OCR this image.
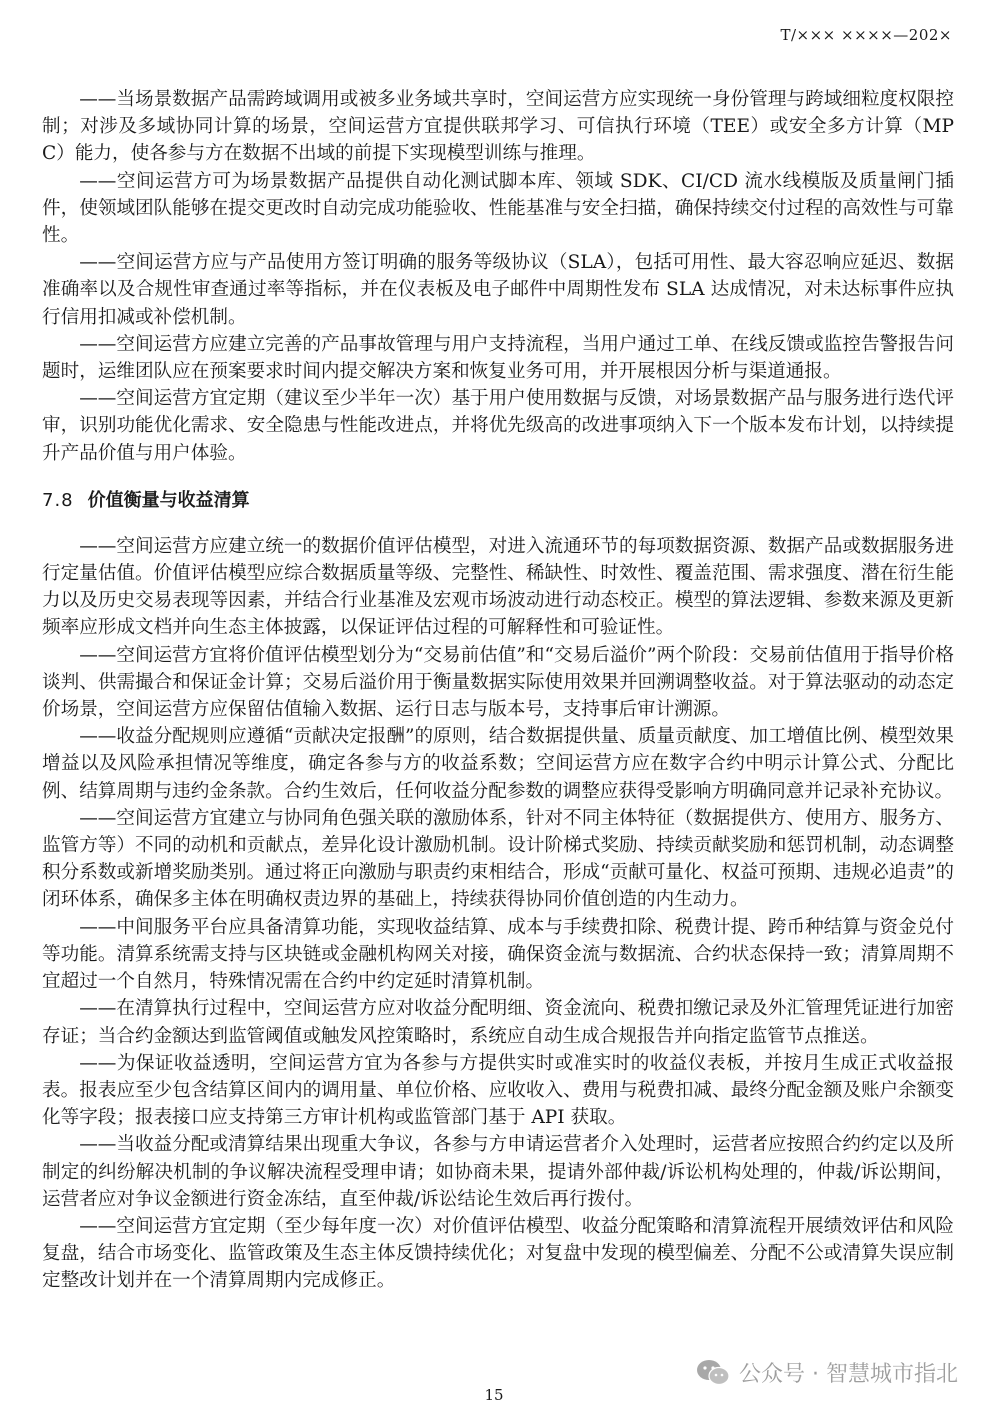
T/××× ××××—202×

——当场景数据产品需跨域调用或被多业务域共享时，空间运营方应实现统一身份管理与跨域细粒度权限控制；对涉及多域协同计算的场景，空间运营方宜提供联邦学习、可信执行环境（TEE）或安全多方计算（MPC）能力，使各参与方在数据不出域的前提下实现模型训练与推理。

——空间运营方可为场景数据产品提供自动化测试脚本库、领域 SDK、CI/CD 流水线模版及质量闸门插件，使领域团队能够在提交更改时自动完成功能验收、性能基准与安全扫描，确保持续交付过程的高效性与可靠性。

——空间运营方应与产品使用方签订明确的服务等级协议（SLA），包括可用性、最大容忍响应延迟、数据准确率以及合规性审查通过率等指标，并在仪表板及电子邮件中周期性发布 SLA 达成情况，对未达标事件应执行信用扣减或补偿机制。

——空间运营方应建立完善的产品事故管理与用户支持流程，当用户通过工单、在线反馈或监控告警报告问题时，运维团队应在预案要求时间内提交解决方案和恢复业务可用，并开展根因分析与渠道通报。

——空间运营方宜定期（建议至少半年一次）基于用户使用数据与反馈，对场景数据产品与服务进行迭代评审，识别功能优化需求、安全隐患与性能改进点，并将优先级高的改进事项纳入下一个版本发布计划，以持续提升产品价值与用户体验。

7.8 价值衡量与收益清算

——空间运营方应建立统一的数据价值评估模型，对进入流通环节的每项数据资源、数据产品或数据服务进行定量估值。价值评估模型应综合数据质量等级、完整性、稀缺性、时效性、覆盖范围、需求强度、潜在衍生能力以及历史交易表现等因素，并结合行业基准及宏观市场波动进行动态校正。模型的算法逻辑、参数来源及更新频率应形成文档并向生态主体披露，以保证评估过程的可解释性和可验证性。

——空间运营方宜将价值评估模型划分为“交易前估值”和“交易后溢价”两个阶段：交易前估值用于指导价格谈判、供需撮合和保证金计算；交易后溢价用于衡量数据实际使用效果并回溯调整收益。对于算法驱动的动态定价场景，空间运营方应保留估值输入数据、运行日志与版本号，支持事后审计溯源。

——收益分配规则应遵循“贡献决定报酬”的原则，结合数据提供量、质量贡献度、加工增值比例、模型效果增益以及风险承担情况等维度，确定各参与方的收益系数；空间运营方应在数字合约中明示计算公式、分配比例、结算周期与违约金条款。合约生效后，任何收益分配参数的调整应获得受影响方明确同意并记录补充协议。

——空间运营方宜建立与协同角色强关联的激励体系，针对不同主体特征（数据提供方、使用方、服务方、监管方等）不同的动机和贡献点，差异化设计激励机制。设计阶梯式奖励、持续贡献奖励和惩罚机制，动态调整积分系数或新增奖励类别。通过将正向激励与职责约束相结合，形成“贡献可量化、权益可预期、违规必追责”的闭环体系，确保多主体在明确权责边界的基础上，持续获得协同价值创造的内生动力。

——中间服务平台应具备清算功能，实现收益结算、成本与手续费扣除、税费计提、跨币种结算与资金兑付等功能。清算系统需支持与区块链或金融机构网关对接，确保资金流与数据流、合约状态保持一致；清算周期不宜超过一个自然月，特殊情况需在合约中约定延时清算机制。

——在清算执行过程中，空间运营方应对收益分配明细、资金流向、税费扣缴记录及外汇管理凭证进行加密存证；当合约金额达到监管阈值或触发风控策略时，系统应自动生成合规报告并向指定监管节点推送。

——为保证收益透明，空间运营方宜为各参与方提供实时或准实时的收益仪表板，并按月生成正式收益报表。报表应至少包含结算区间内的调用量、单位价格、应收收入、费用与税费扣减、最终分配金额及账户余额变化等字段；报表接口应支持第三方审计机构或监管部门基于 API 获取。

——当收益分配或清算结果出现重大争议，各参与方申请运营者介入处理时，运营者应按照合约约定以及所制定的纠纷解决机制的争议解决流程受理申请；如协商未果，提请外部仲裁/诉讼机构处理的，仲裁/诉讼期间，运营者应对争议金额进行资金冻结，直至仲裁/诉讼结论生效后再行拨付。

——空间运营方宜定期（至少每年度一次）对价值评估模型、收益分配策略和清算流程开展绩效评估和风险复盘，结合市场变化、监管政策及生态主体反馈持续优化；对复盘中发现的模型偏差、分配不公或清算失误应制定整改计划并在一个清算周期内完成修正。

公众号 · 智慧城市指北
15
